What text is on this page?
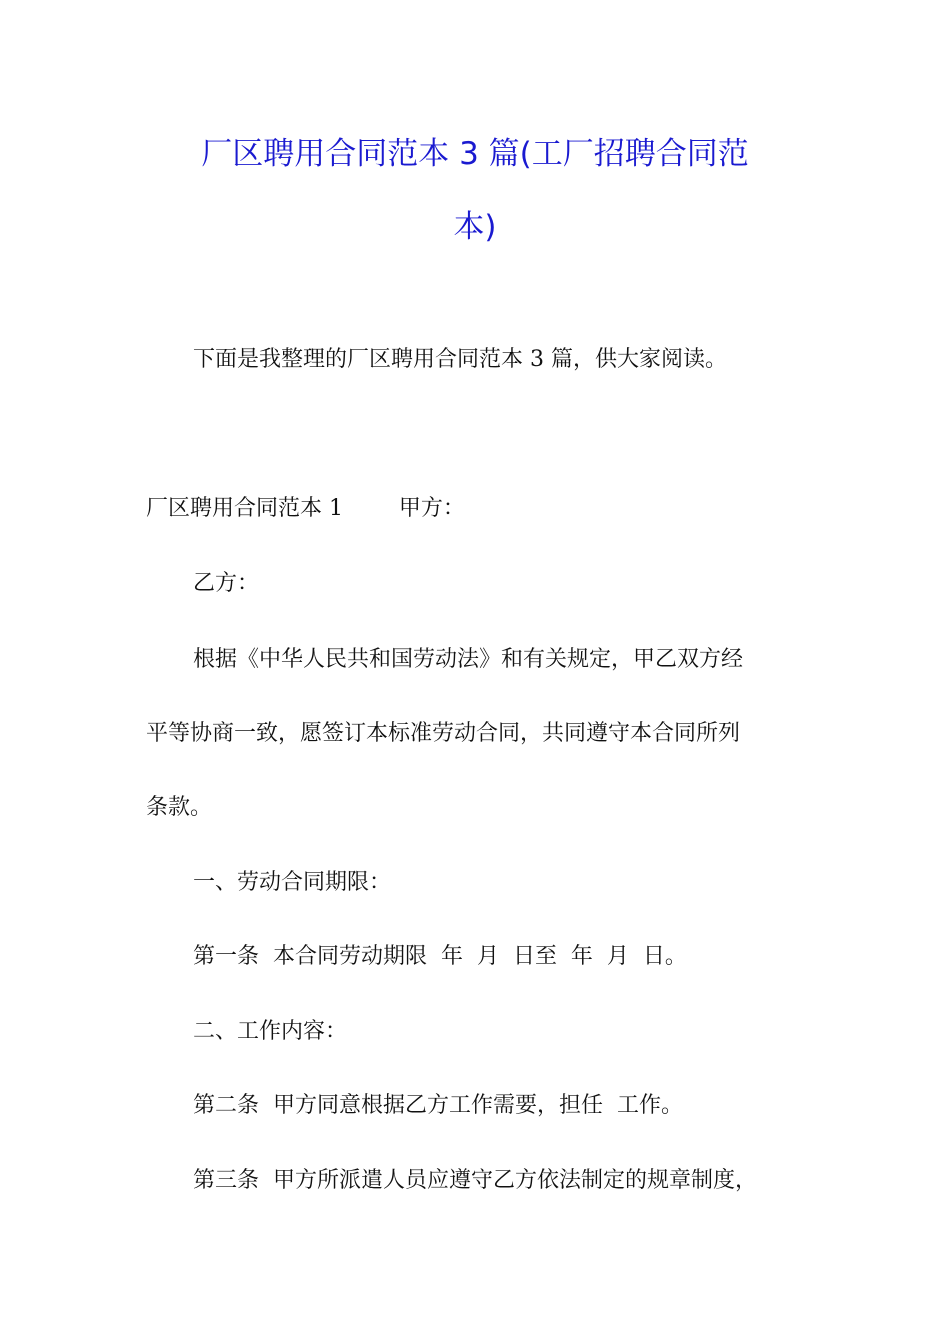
厂区聘用合同范本 3 篇(工厂招聘合同范
本)
下面是我整理的厂区聘用合同范本 3 篇，供大家阅读。
厂区聘用合同范本 1        甲方：
乙方：
根据《中华人民共和国劳动法》和有关规定，甲乙双方经
平等协商一致，愿签订本标准劳动合同，共同遵守本合同所列
条款。
一、劳动合同期限：
第一条  本合同劳动期限  年  月  日至  年  月  日。
二、工作内容：
第二条  甲方同意根据乙方工作需要，担任  工作。
第三条  甲方所派遣人员应遵守乙方依法制定的规章制度，
